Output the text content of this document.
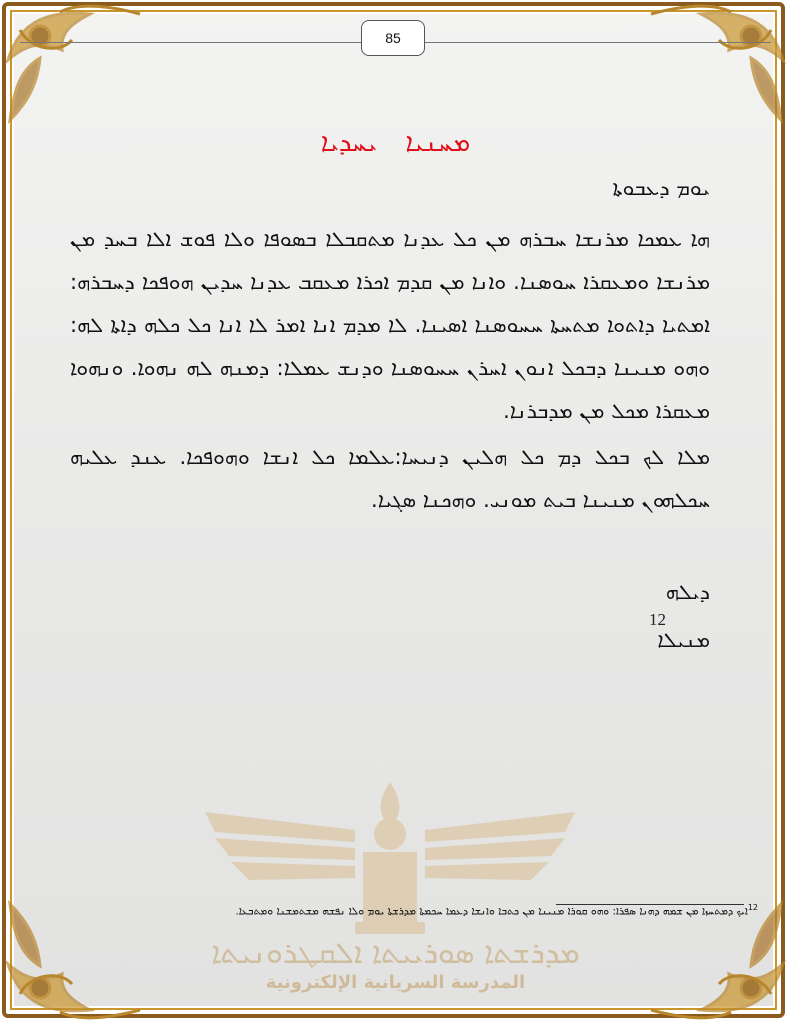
85
ܡܚܢܝܐ ܝܚܕܝܐ
ܝܘܡ ܕܥܒܘܬܐ
ܗܐ ܥܡܟܐ ܡܪܢܫܐ ܚܒܪܗ ܡܢ ܟܠ ܥܕܢܐ ܡܬܩܒܠܐ ܒܣܘܦܐ ܘܠܐ ܦܘܫ ܐܠܐ ܒܚܕ ܡܢ ܡܪܢܫܐ ܘܡܥܩܪܐ ܚܘܣܢܐ. ܘܐܢܐ ܡܢ ܩܕܡ ܐܟܪܐ ܡܥܩܒ ܥܕܢܐ ܚܕܝܢ ܗܘܦܟܐ ܕܚܒܪܗ: ܐܡܬܝܐ ܕܐܬܘܐ ܡܬܚܬܐ ܚܚܘܣܢܐ ܐܣܝܢܐ. ܠܐ ܡܕܡ ܐܢܐ ܐܡܪ ܠܐ ܐܢܐ ܟܠ ܟܠܗ ܕܐܬܐ ܠܗ: ܘܗܘ ܡܢܝܢܐ ܕܒܟܠ ܐܢܘܢ ܐܚܪܢ ܚܚܘܣܢܐ ܘܕܢܫ ܥܡܠܐ: ܕܡܢܗ ܠܗ ܢܗܘܐ. ܘܢܗܘܐ ܡܥܩܪܐ ܡܟܠ ܡܢ ܡܕܒܪܢܐ.
ܡܠܐ ܠܟ ܒܟܠ ܕܡ ܟܠ ܗܠܝܢ ܕܢܝܚܐ:ܥܠܡܐ ܟܠ ܐܢܫܐ ܘܗܘܦܟܐ. ܥܢܕ ܥܠܝܗ ܚܟܠܗܘܢ ܡܢܝܢܐ ܒܝܬ ܡܘܢܝ. ܘܗܟܢܐ ܣܓܝܐ.
ܕܝܠܗ
12
ܡܢܝܠܐ
$^{12}$ܐܝܟ ܕܡܬܚܙܐ ܡܢ ܫܡܗ ܕܗܢܐ ܣܦܪܐ: ܘܗܘ ܩܘܪܐ ܡܢܝܢܐ ܡܢ ܟܬܒܐ ܘܐܢܫܐ ܕܥܡܐ ܚܟܡܬܐ ܡܕܪܫܬܐ ܝܘܡ ܘܠܐ ܢܦܫܗ ܡܫܬܡܫܢܐ ܘܡܬܒܥܐ.
ܡܕܪܫܬܐ ܣܘܪܝܝܬܐ ܐܠܩܛܪܘܢܝܬܐ
المدرسة السريانية الإلكترونية
